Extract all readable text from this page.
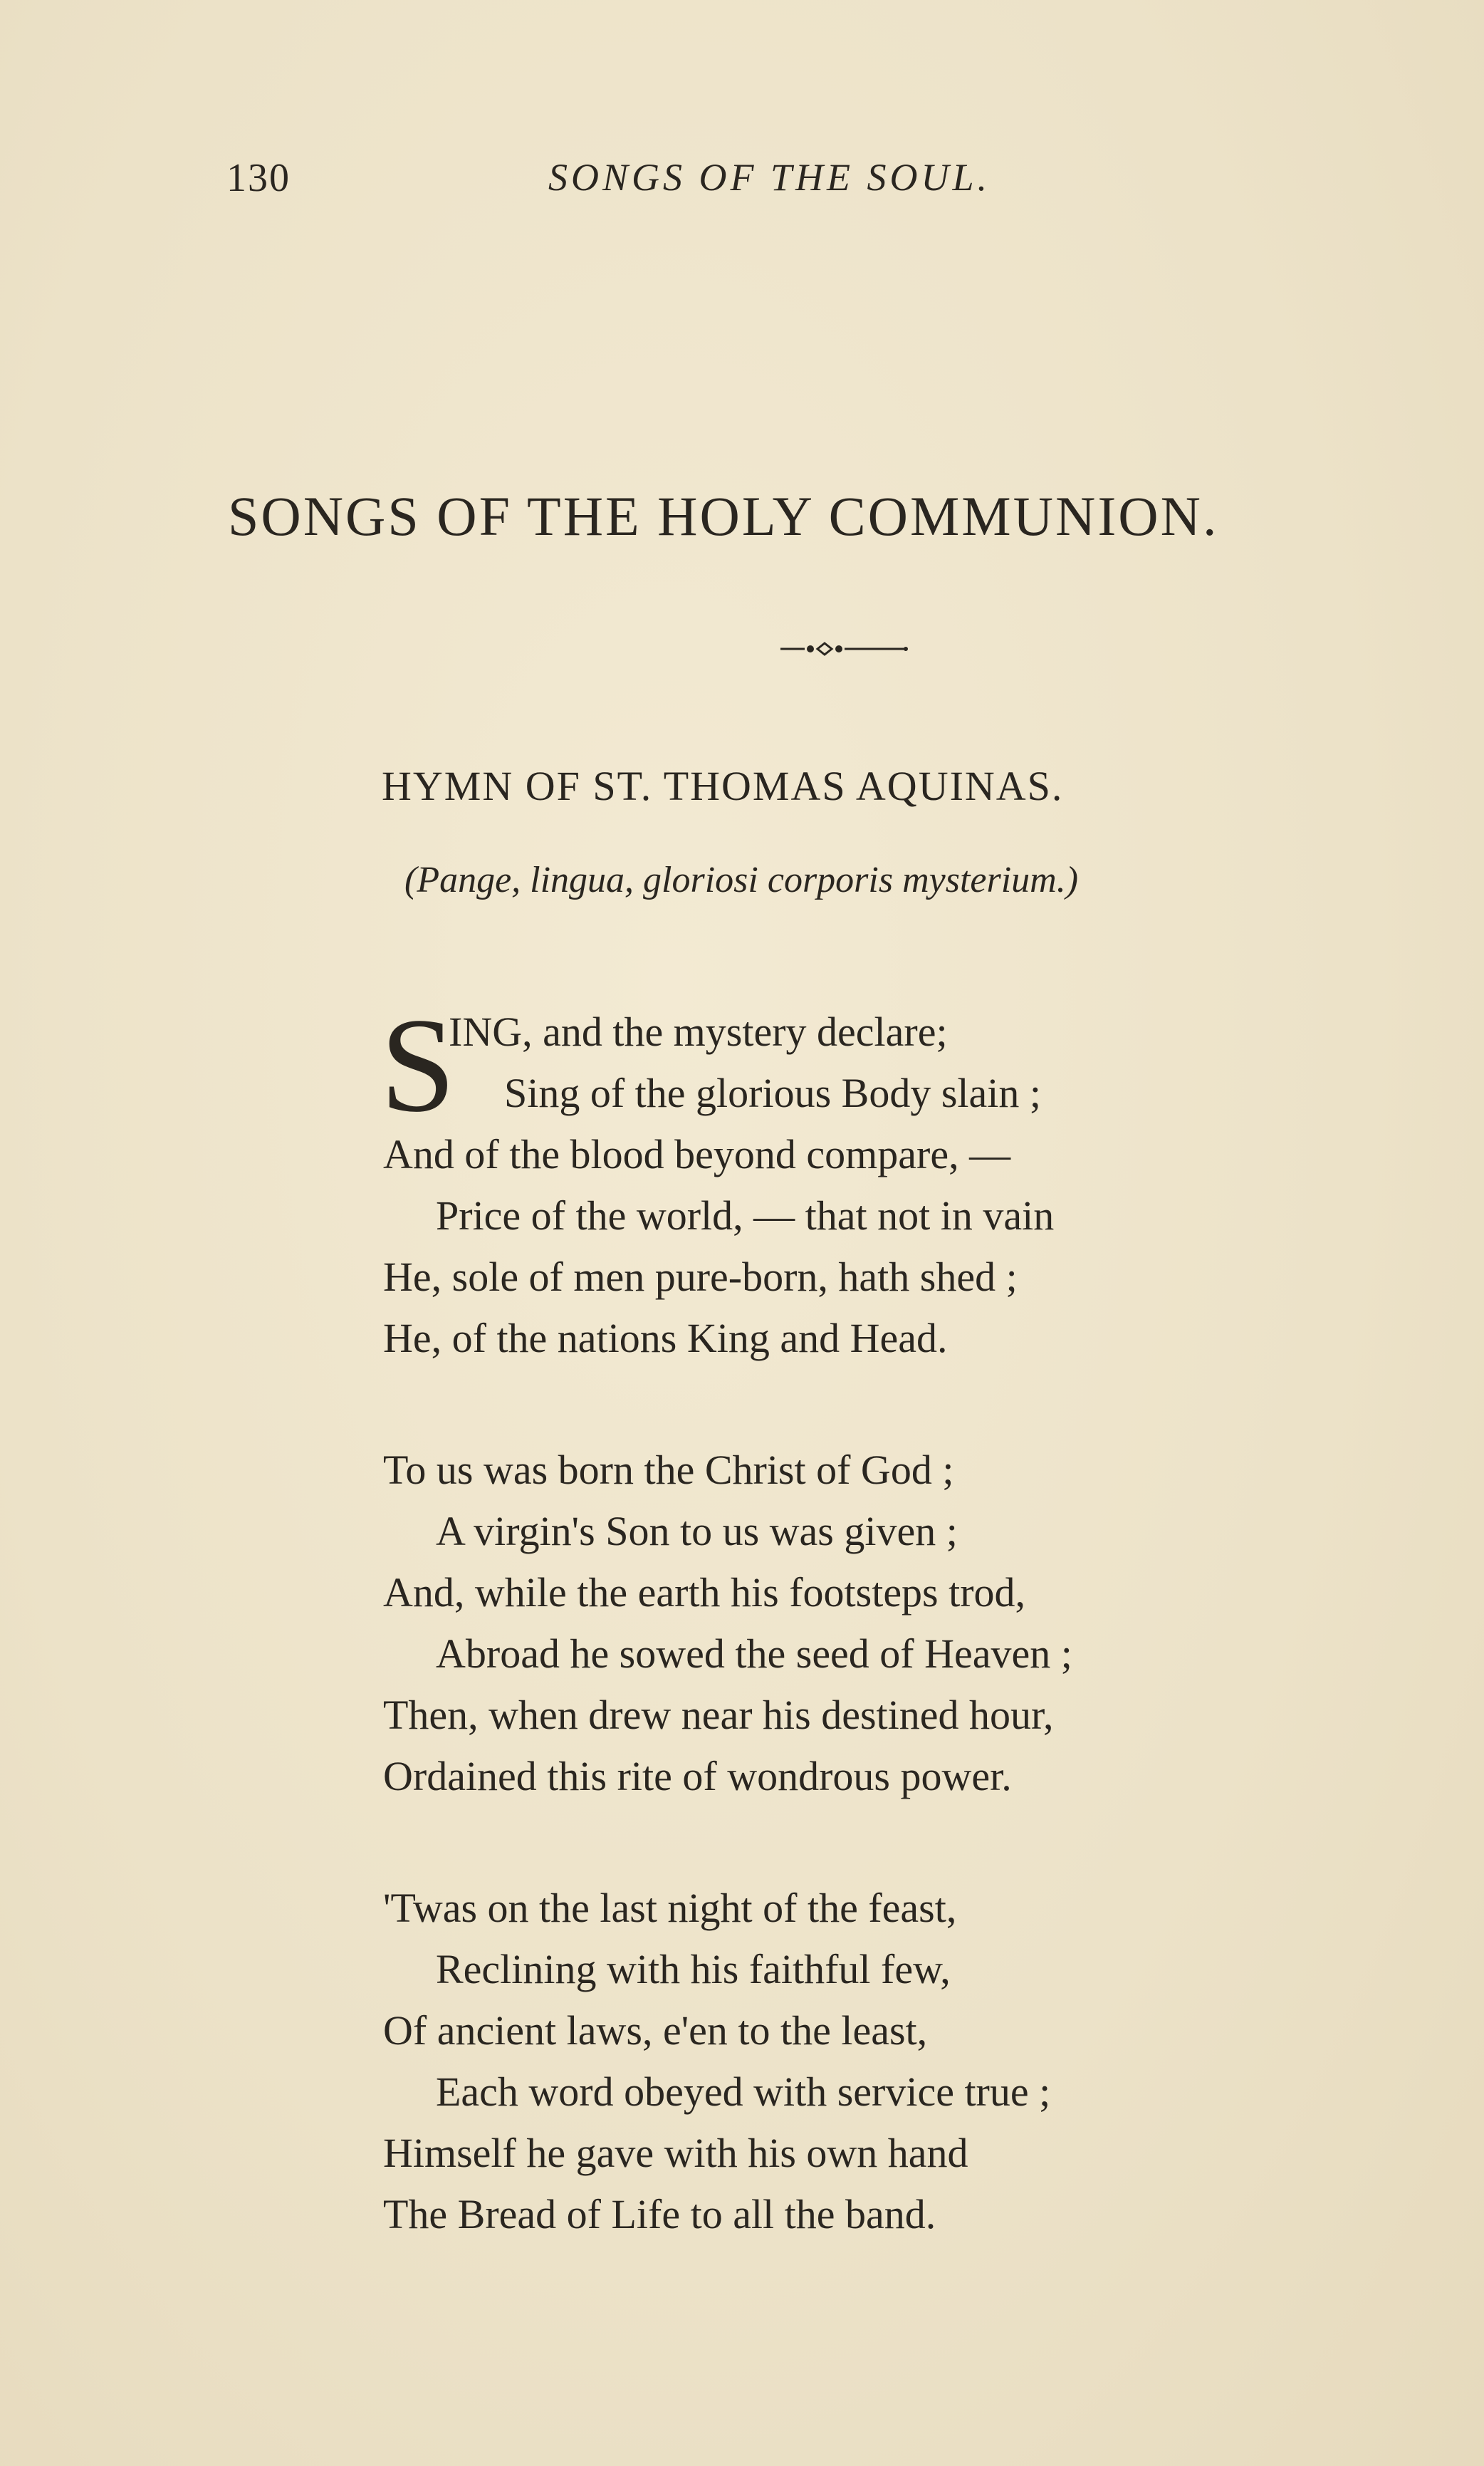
130	SONGS OF THE SOUL.
SONGS OF THE HOLY COMMUNION.
HYMN OF ST. THOMAS AQUINAS.
(Pange, lingua, gloriosi corporis mysterium.)
S
ING, and the mystery declare;
Sing of the glorious Body slain ;
And of the blood beyond compare, —
Price of the world, — that not in vain
He, sole of men pure-born, hath shed ;
He, of the nations King and Head.
To us was born the Christ of God ;
A virgin's Son to us was given ;
And, while the earth his footsteps trod,
Abroad he sowed the seed of Heaven ;
Then, when drew near his destined hour,
Ordained this rite of wondrous power.
'Twas on the last night of the feast,
Reclining with his faithful few,
Of ancient laws, e'en to the least,
Each word obeyed with service true ;
Himself he gave with his own hand
The Bread of Life to all the band.
